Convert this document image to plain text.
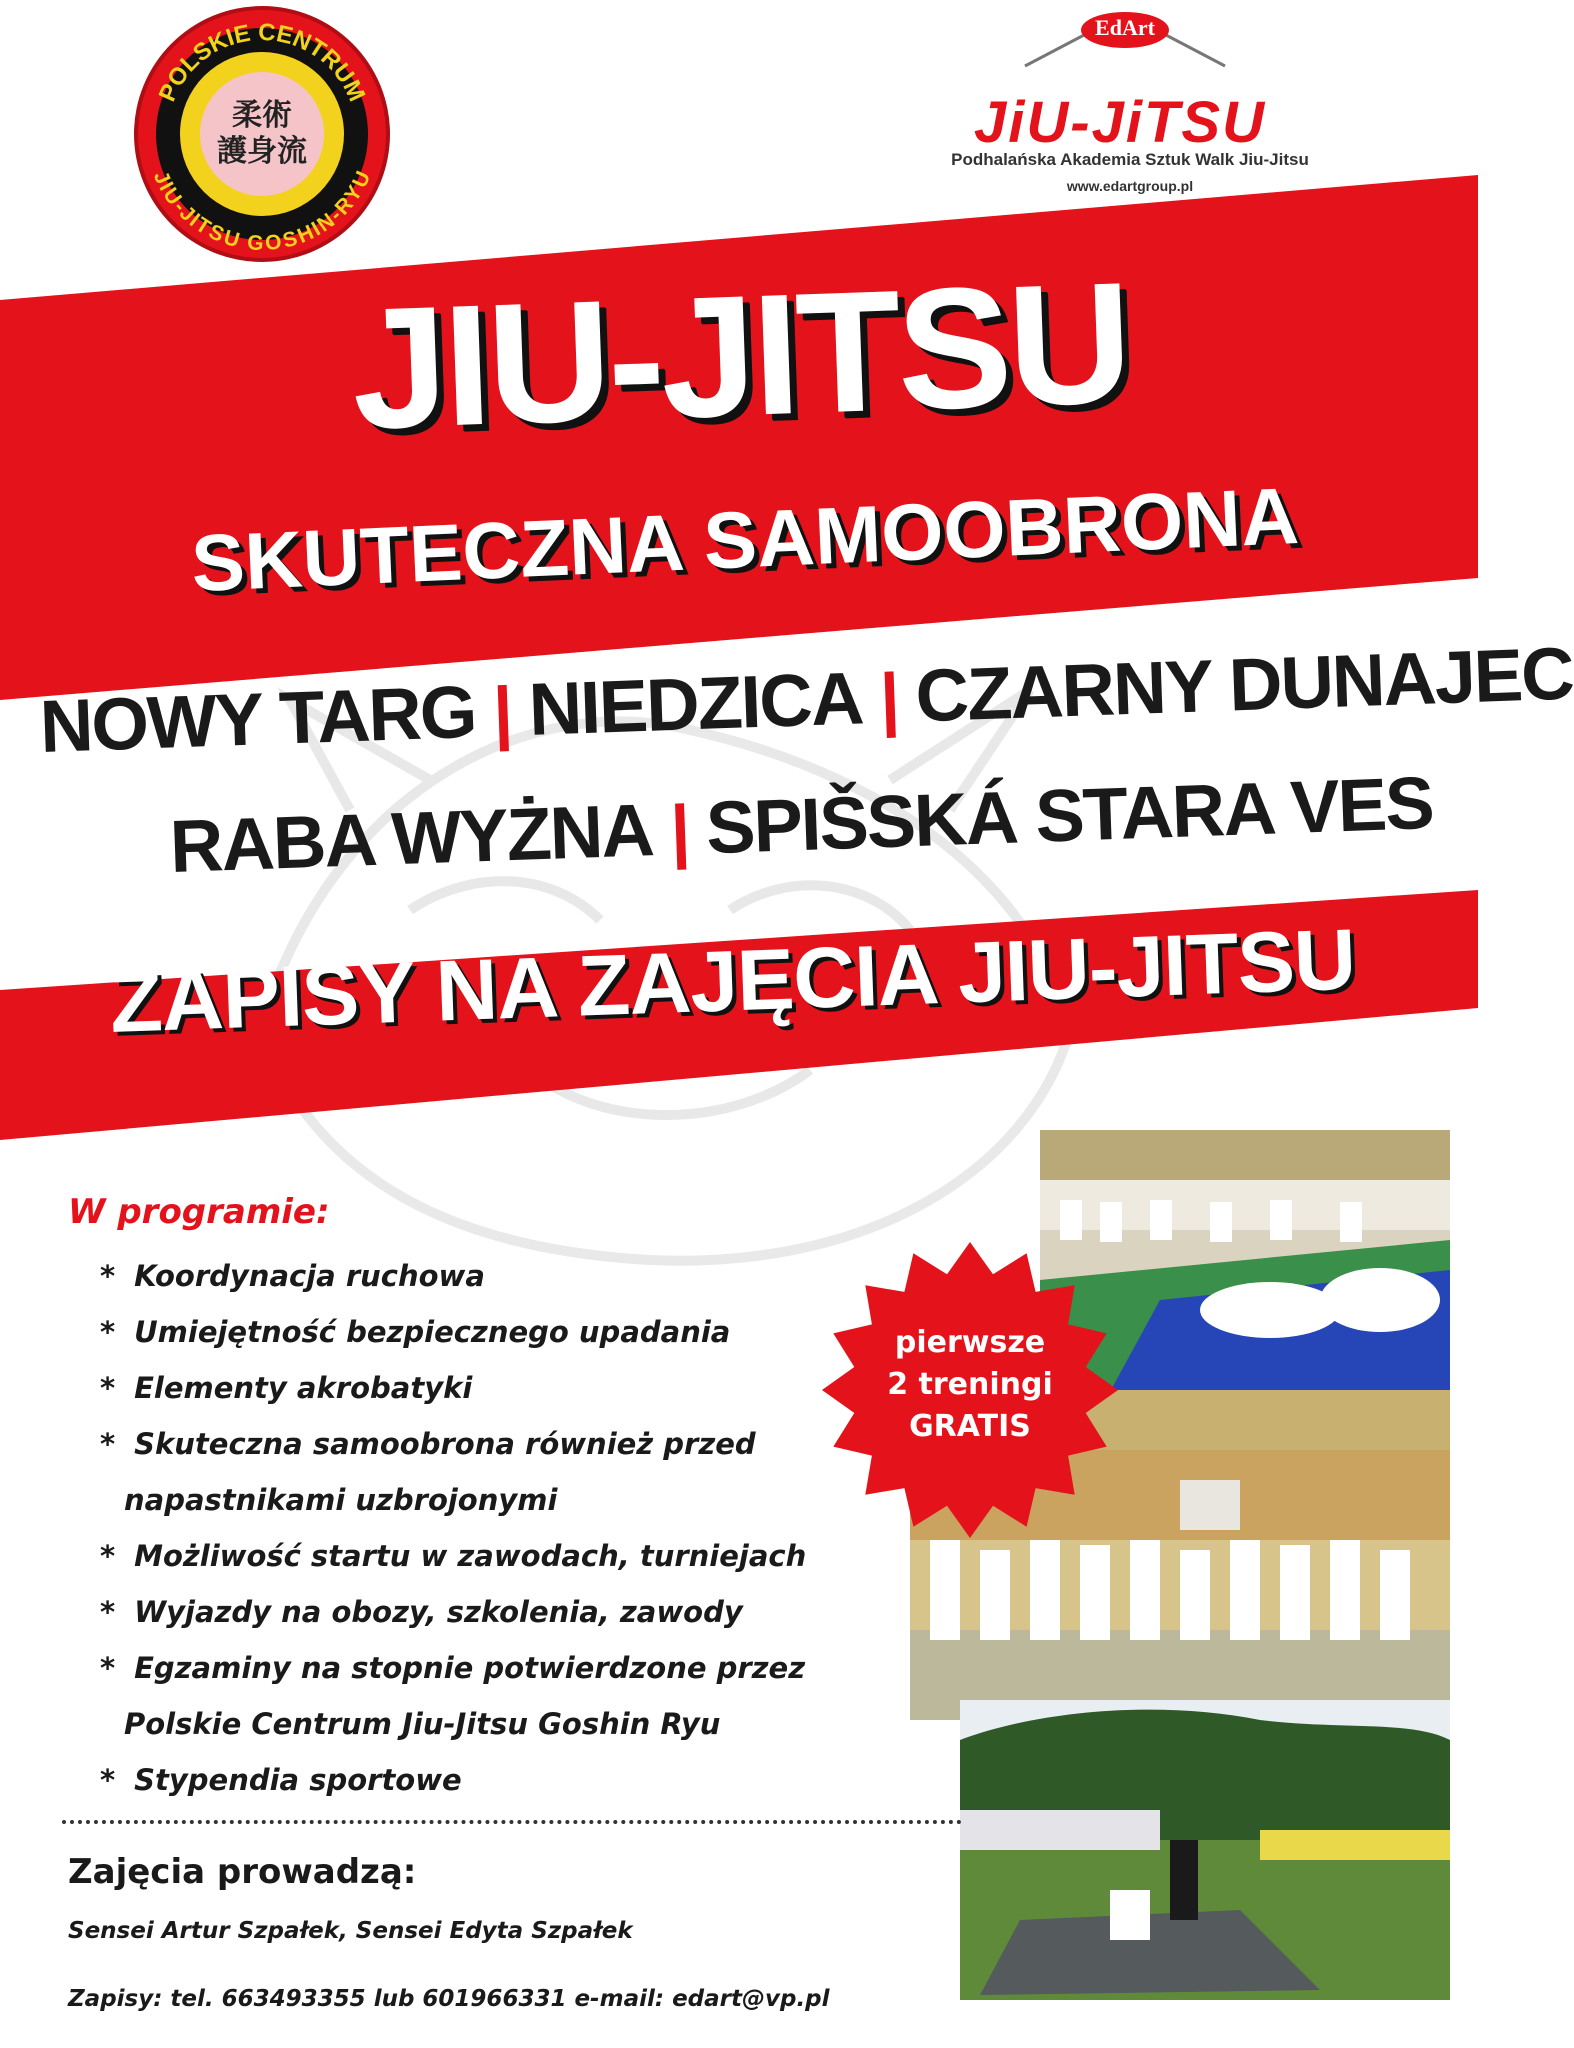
柔術
護身流
POLSKIE CENTRUM
JIU-JITSU GOSHIN-RYU
EdArt
JiU-JiTSU
Podhalańska Akademia Sztuk Walk Jiu-Jitsu
www.edartgroup.pl
JIU-JITSU
SKUTECZNA SAMOOBRONA
NOWY TARG | NIEDZICA | CZARNY DUNAJEC
RABA WYŻNA | SPIŠSKÁ STARA VES
ZAPISY NA ZAJĘCIA JIU-JITSU
W programie:
* Koordynacja ruchowa
* Umiejętność bezpiecznego upadania
* Elementy akrobatyki
* Skuteczna samoobrona również przed
napastnikami uzbrojonymi
* Możliwość startu w zawodach, turniejach
* Wyjazdy na obozy, szkolenia, zawody
* Egzaminy na stopnie potwierdzone przez
Polskie Centrum Jiu-Jitsu Goshin Ryu
* Stypendia sportowe
pierwsze
2 treningi
GRATIS
Zajęcia prowadzą:
Sensei Artur Szpałek, Sensei Edyta Szpałek
Zapisy: tel. 663493355 lub 601966331 e-mail: edart@vp.pl
